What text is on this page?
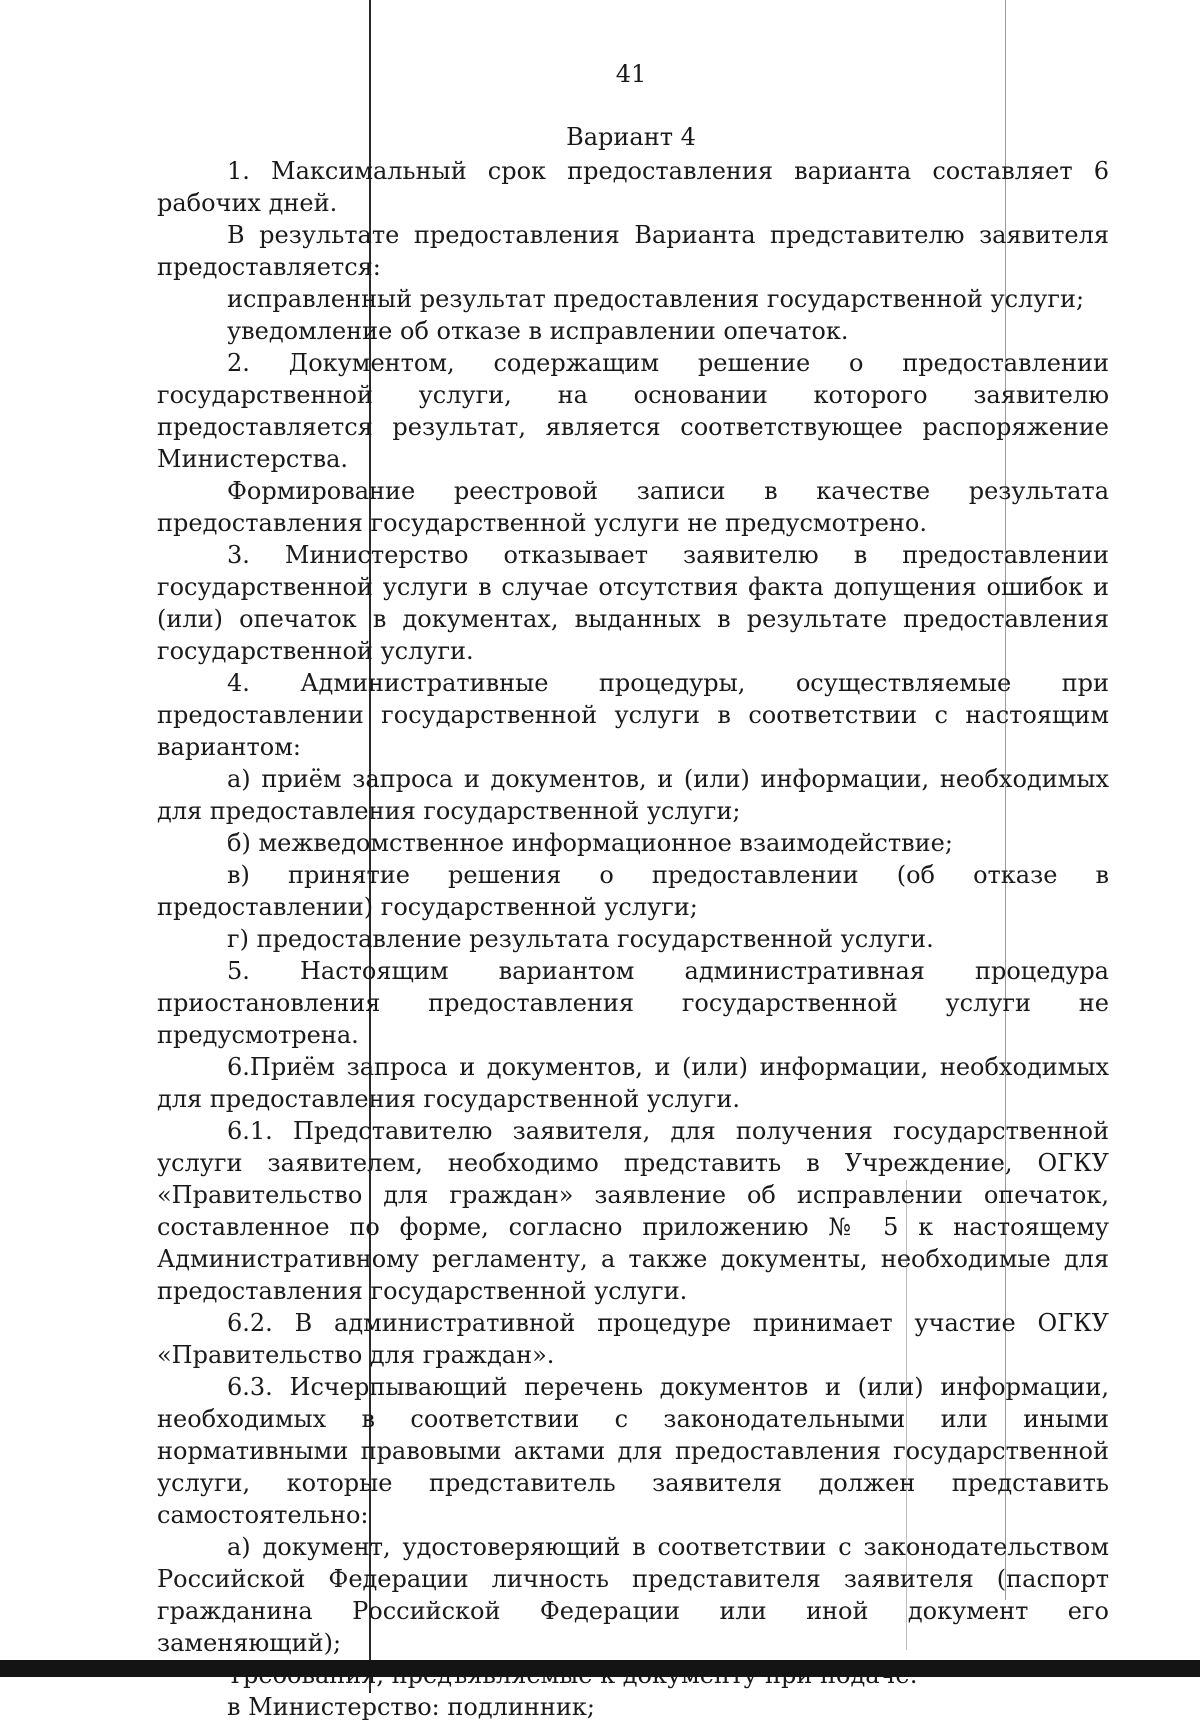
41
Вариант 4

1. Максимальный срок предоставления варианта составляет 6 рабочих дней.

В результате предоставления Варианта представителю заявителя предоставляется:

исправленный результат предоставления государственной услуги;

уведомление об отказе в исправлении опечаток.

2. Документом, содержащим решение о предоставлении государственной услуги, на основании которого заявителю предоставляется результат, является соответствующее распоряжение Министерства.

Формирование реестровой записи в качестве результата предоставления государственной услуги не предусмотрено.

3. Министерство отказывает заявителю в предоставлении государственной услуги в случае отсутствия факта допущения ошибок и (или) опечаток в документах, выданных в результате предоставления государственной услуги.

4. Административные процедуры, осуществляемые при предоставлении государственной услуги в соответствии с настоящим вариантом:

а) приём запроса и документов, и (или) информации, необходимых для предоставления государственной услуги;

б) межведомственное информационное взаимодействие;

в) принятие решения о предоставлении (об отказе в предоставлении) государственной услуги;

г) предоставление результата государственной услуги.

5. Настоящим вариантом административная процедура приостановления предоставления государственной услуги не предусмотрена.

6.Приём запроса и документов, и (или) информации, необходимых для предоставления государственной услуги.

6.1. Представителю заявителя, для получения государственной услуги заявителем, необходимо представить в Учреждение, ОГКУ «Правительство для граждан» заявление об исправлении опечаток, составленное по форме, согласно приложению № 5 к настоящему Административному регламенту, а также документы, необходимые для предоставления государственной услуги.

6.2. В административной процедуре принимает участие ОГКУ «Правительство для граждан».

6.3. Исчерпывающий перечень документов и (или) информации, необходимых в соответствии с законодательными или иными нормативными правовыми актами для предоставления государственной услуги, которые представитель заявителя должен представить самостоятельно:

а) документ, удостоверяющий в соответствии с законодательством Российской Федерации личность представителя заявителя (паспорт гражданина Российской Федерации или иной документ его заменяющий);

в Министерство: подлинник;
